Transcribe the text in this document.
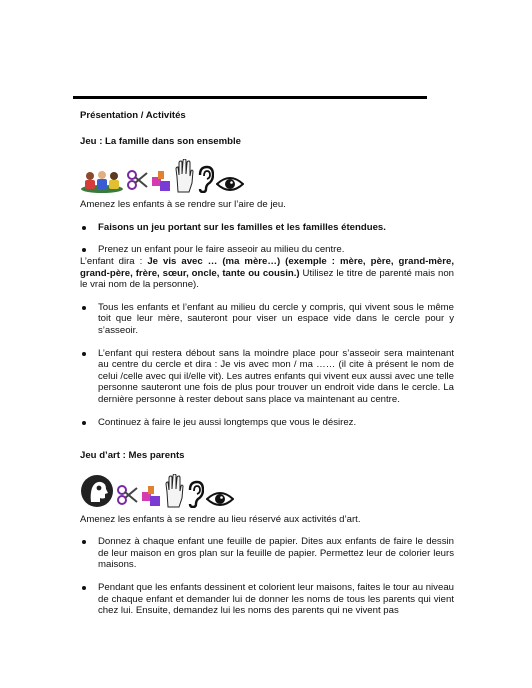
Présentation / Activités

Jeu : La famille dans son ensemble

Amenez les enfants à se rendre sur l’aire de jeu.

Faisons un jeu portant sur les familles et les familles étendues.
Prenez un enfant pour le faire asseoir au milieu du centre.

L’enfant dira : Je vis avec … (ma mère…) (exemple : mère, père, grand-mère, grand-père, frère, sœur, oncle, tante ou cousin.) Utilisez le titre de parenté mais non le vrai nom de la personne).

Tous les enfants et l’enfant au milieu du cercle y compris, qui vivent sous le même toit que leur mère, sauteront pour viser un espace vide dans le cercle pour y s’asseoir.
L’enfant qui restera débout sans la moindre place pour s’asseoir sera maintenant au centre du cercle et dira : Je vis avec mon / ma …… (il cite à présent le nom de celui /celle avec qui il/elle vit). Les autres enfants qui vivent eux aussi avec une telle personne sauteront une fois de plus pour trouver un endroit vide dans le cercle. La dernière personne à rester debout sans place va maintenant au centre.
Continuez à faire le jeu aussi longtemps que vous le désirez.

Jeu d’art : Mes parents

Amenez les enfants à se rendre au lieu réservé aux activités d’art.

Donnez à chaque enfant une feuille de papier. Dites aux enfants de faire le dessin de leur maison en gros plan sur la feuille de papier. Permettez leur de colorier leurs maisons.
Pendant que les enfants dessinent et colorient leur maisons, faites le tour au niveau de chaque enfant et demander lui de donner les noms de tous les parents qui vient chez lui. Ensuite, demandez lui les noms des parents qui ne vivent pas
